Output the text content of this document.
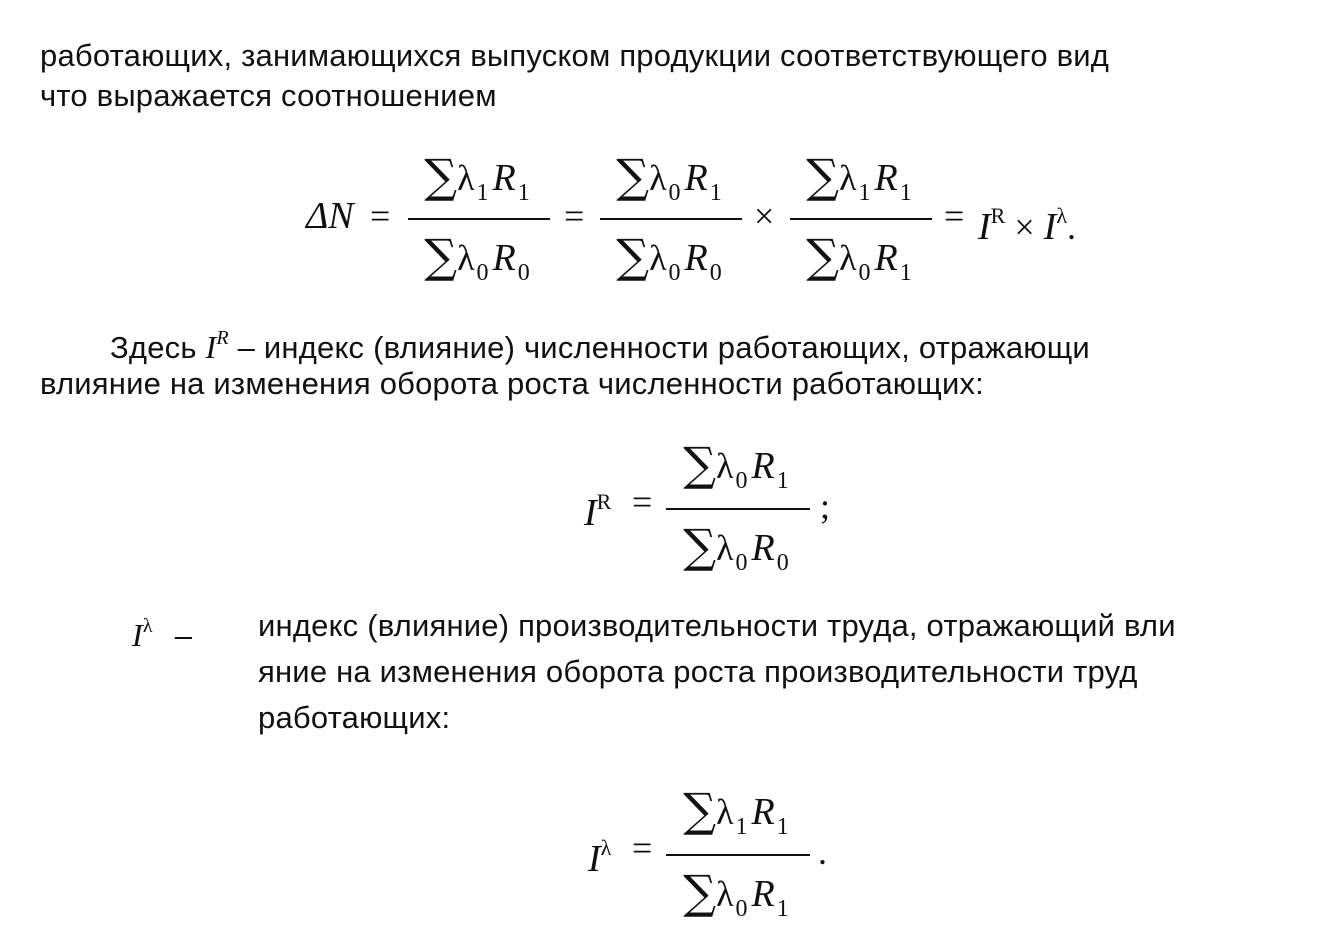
работающих, занимающихся выпуском продукции соответствующего вид
что выражается соотношением
ΔN =
$\sum\lambda_1$ $R_1$
$\sum\lambda_0$ $R_0$
=
$\sum\lambda_0$ $R_1$
$\sum\lambda_0$ $R_0$
×
$\sum\lambda_1$ $R_1$
$\sum\lambda_0$ $R_1$
= $I^R \times I^\lambda$.
Здесь $I^R$ – индекс (влияние) численности работающих, отражающи
влияние на изменения оборота роста численности работающих:
$I^R$ =
$\sum\lambda_0$ $R_1$
$\sum\lambda_0$ $R_0$
;
$I^\lambda$ – индекс (влияние) производительности труда, отражающий вли
яние на изменения оборота роста производительности труд
работающих:
$I^\lambda$ =
$\sum\lambda_1$ $R_1$
$\sum\lambda_0$ $R_1$
.
